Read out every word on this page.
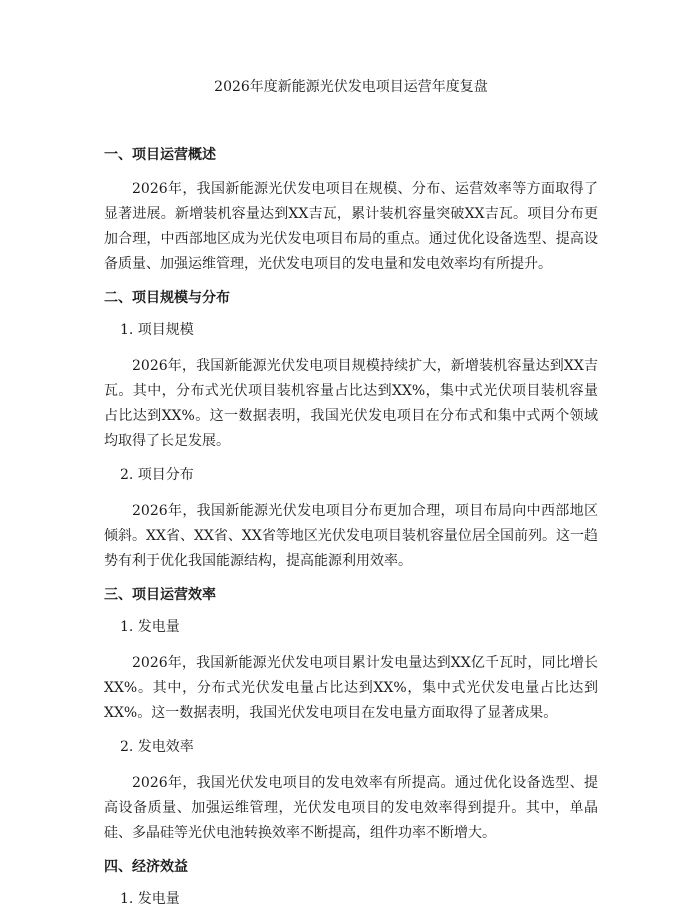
2026年度新能源光伏发电项目运营年度复盘
一、项目运营概述

2026年，我国新能源光伏发电项目在规模、分布、运营效率等方面取得了显著进展。新增装机容量达到XX吉瓦，累计装机容量突破XX吉瓦。项目分布更加合理，中西部地区成为光伏发电项目布局的重点。通过优化设备选型、提高设备质量、加强运维管理，光伏发电项目的发电量和发电效率均有所提升。

二、项目规模与分布
1. 项目规模

2026年，我国新能源光伏发电项目规模持续扩大，新增装机容量达到XX吉瓦。其中，分布式光伏项目装机容量占比达到XX%，集中式光伏项目装机容量占比达到XX%。这一数据表明，我国光伏发电项目在分布式和集中式两个领域均取得了长足发展。

2. 项目分布

2026年，我国新能源光伏发电项目分布更加合理，项目布局向中西部地区倾斜。XX省、XX省、XX省等地区光伏发电项目装机容量位居全国前列。这一趋势有利于优化我国能源结构，提高能源利用效率。

三、项目运营效率
1. 发电量

2026年，我国新能源光伏发电项目累计发电量达到XX亿千瓦时，同比增长XX%。其中，分布式光伏发电量占比达到XX%，集中式光伏发电量占比达到XX%。这一数据表明，我国光伏发电项目在发电量方面取得了显著成果。

2. 发电效率

2026年，我国光伏发电项目的发电效率有所提高。通过优化设备选型、提高设备质量、加强运维管理，光伏发电项目的发电效率得到提升。其中，单晶硅、多晶硅等光伏电池转换效率不断提高，组件功率不断增大。

四、经济效益
1. 发电量
